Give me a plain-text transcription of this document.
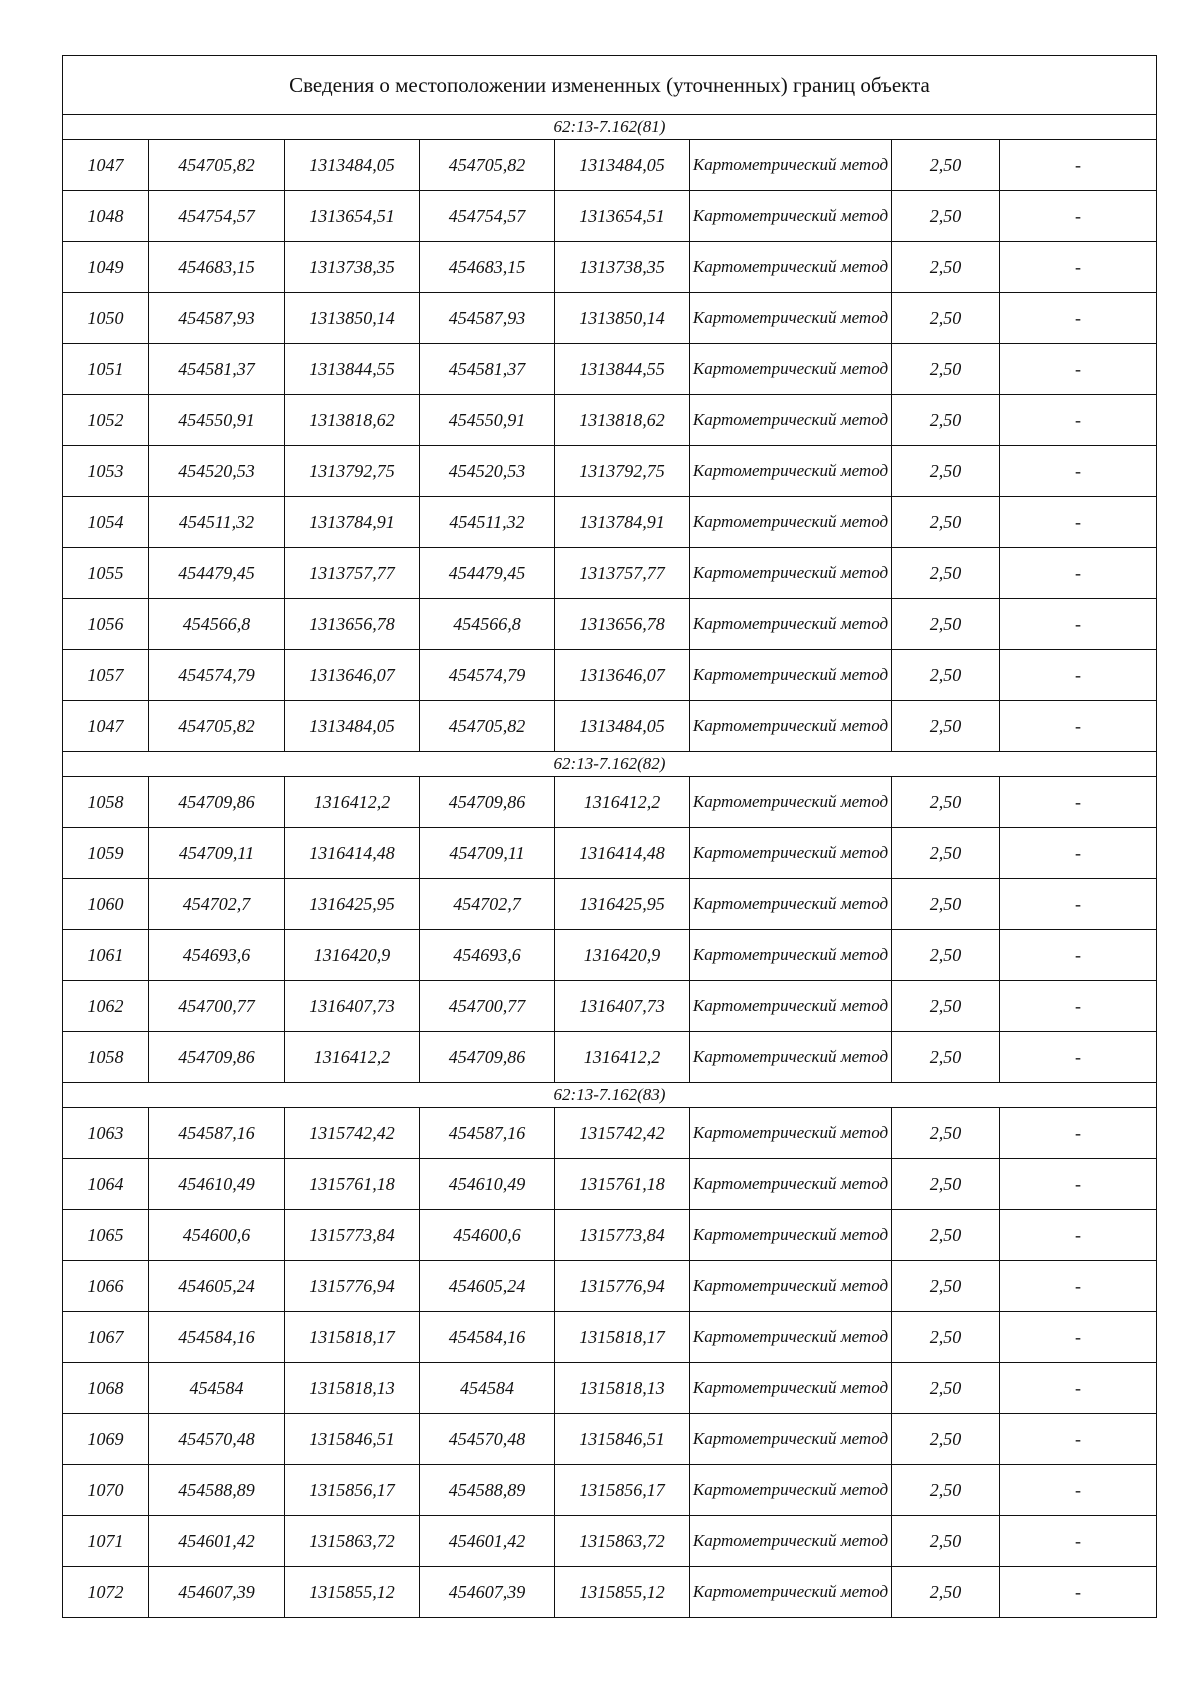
Сведения о местоположении измененных (уточненных) границ объекта							
62:13-7.162(81)							
1047	454705,82	1313484,05	454705,82	1313484,05	Картометрический метод	2,50	-
1048	454754,57	1313654,51	454754,57	1313654,51	Картометрический метод	2,50	-
1049	454683,15	1313738,35	454683,15	1313738,35	Картометрический метод	2,50	-
1050	454587,93	1313850,14	454587,93	1313850,14	Картометрический метод	2,50	-
1051	454581,37	1313844,55	454581,37	1313844,55	Картометрический метод	2,50	-
1052	454550,91	1313818,62	454550,91	1313818,62	Картометрический метод	2,50	-
1053	454520,53	1313792,75	454520,53	1313792,75	Картометрический метод	2,50	-
1054	454511,32	1313784,91	454511,32	1313784,91	Картометрический метод	2,50	-
1055	454479,45	1313757,77	454479,45	1313757,77	Картометрический метод	2,50	-
1056	454566,8	1313656,78	454566,8	1313656,78	Картометрический метод	2,50	-
1057	454574,79	1313646,07	454574,79	1313646,07	Картометрический метод	2,50	-
1047	454705,82	1313484,05	454705,82	1313484,05	Картометрический метод	2,50	-
62:13-7.162(82)							
1058	454709,86	1316412,2	454709,86	1316412,2	Картометрический метод	2,50	-
1059	454709,11	1316414,48	454709,11	1316414,48	Картометрический метод	2,50	-
1060	454702,7	1316425,95	454702,7	1316425,95	Картометрический метод	2,50	-
1061	454693,6	1316420,9	454693,6	1316420,9	Картометрический метод	2,50	-
1062	454700,77	1316407,73	454700,77	1316407,73	Картометрический метод	2,50	-
1058	454709,86	1316412,2	454709,86	1316412,2	Картометрический метод	2,50	-
62:13-7.162(83)							
1063	454587,16	1315742,42	454587,16	1315742,42	Картометрический метод	2,50	-
1064	454610,49	1315761,18	454610,49	1315761,18	Картометрический метод	2,50	-
1065	454600,6	1315773,84	454600,6	1315773,84	Картометрический метод	2,50	-
1066	454605,24	1315776,94	454605,24	1315776,94	Картометрический метод	2,50	-
1067	454584,16	1315818,17	454584,16	1315818,17	Картометрический метод	2,50	-
1068	454584	1315818,13	454584	1315818,13	Картометрический метод	2,50	-
1069	454570,48	1315846,51	454570,48	1315846,51	Картометрический метод	2,50	-
1070	454588,89	1315856,17	454588,89	1315856,17	Картометрический метод	2,50	-
1071	454601,42	1315863,72	454601,42	1315863,72	Картометрический метод	2,50	-
1072	454607,39	1315855,12	454607,39	1315855,12	Картометрический метод	2,50	-
